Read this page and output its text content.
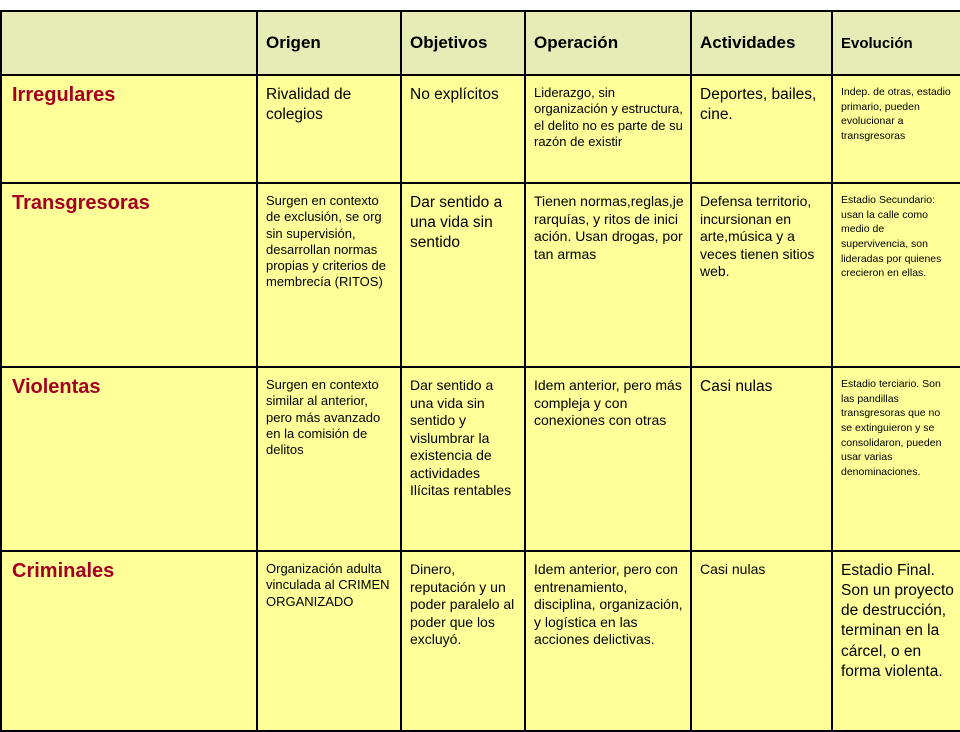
	Origen	Objetivos	Operación	Actividades	Evolución

Irregulares	Rivalidad de colegios	No explícitos	Liderazgo, sin organización y estructura, el delito no es parte de su razón de existir	Deportes, bailes, cine.	Indep. de otras, estadio primario, pueden evolucionar a transgresoras

Transgresoras	Surgen en contexto de exclusión, se org sin supervisión, desarrollan normas propias y criterios de membrecía (RITOS)	Dar sentido a una vida sin sentido	Tienen normas,reglas,jerarquías, y ritos de iniciación. Usan drogas, portan armas	Defensa territorio, incursionan en arte,música y a veces tienen sitios web.	Estadio Secundario: usan la calle como medio de supervivencia, son lideradas por quienes crecieron en ellas.

Violentas	Surgen en contexto similar al anterior, pero más avanzado en la comisión de delitos	Dar sentido a una vida sin sentido y vislumbrar la existencia de actividades Ilícitas rentables	Idem anterior, pero más compleja y con conexiones con otras	Casi nulas	Estadio terciario. Son las pandillas transgresoras que no se extinguieron y se consolidaron, pueden usar varias denominaciones.

Criminales	Organización adulta vinculada al CRIMEN ORGANIZADO	Dinero, reputación y un poder paralelo al poder que los excluyó.	Idem anterior, pero con entrenamiento, disciplina, organización, y logística en las acciones delictivas.	Casi nulas	Estadio Final. Son un proyecto de destrucción, terminan en la cárcel, o en forma violenta.
